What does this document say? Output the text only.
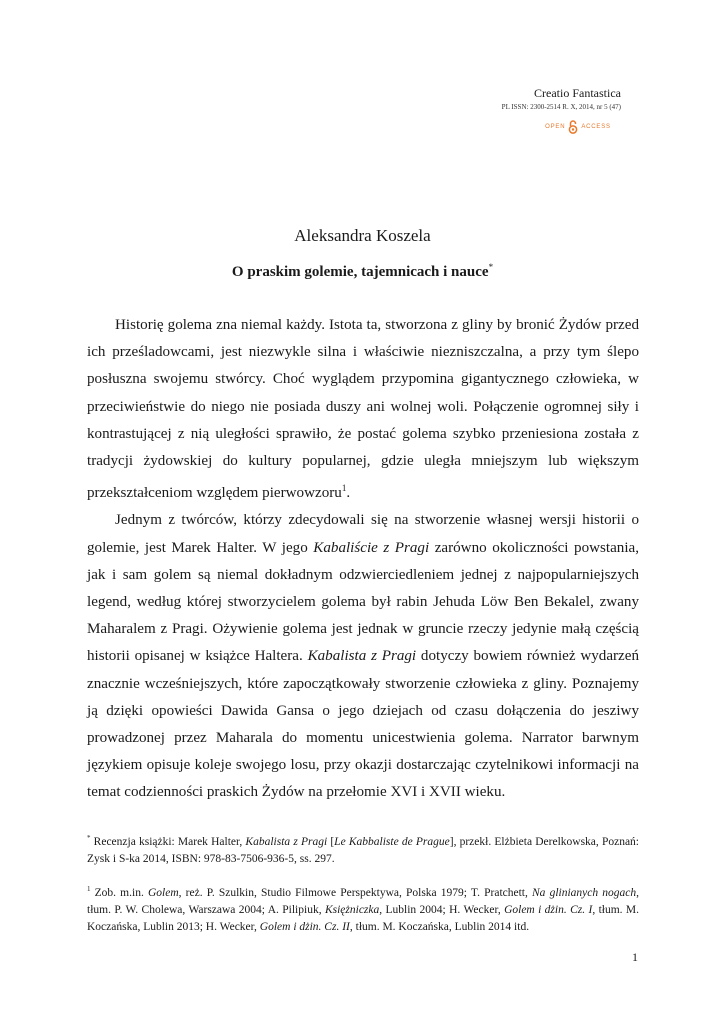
Creatio Fantastica
PL ISSN: 2300-2514 R. X, 2014, nr 5 (47)
OPEN	ACCESS
Aleksandra Koszela
O praskim golemie, tajemnicach i nauce*

Historię golema zna niemal każdy. Istota ta, stworzona z gliny by bronić Żydów przed ich prześladowcami, jest niezwykle silna i właściwie niezniszczalna, a przy tym ślepo posłuszna swojemu stwórcy. Choć wyglądem przypomina gigantycznego człowieka, w przeciwieństwie do niego nie posiada duszy ani wolnej woli. Połączenie ogromnej siły i kontrastującej z nią uległości sprawiło, że postać golema szybko przeniesiona została z tradycji żydowskiej do kultury popularnej, gdzie uległa mniejszym lub większym przekształceniom względem pierwowzoru$^1$.

Jednym z twórców, którzy zdecydowali się na stworzenie własnej wersji historii o golemie, jest Marek Halter. W jego Kabaliście z Pragi zarówno okoliczności powstania, jak i sam golem są niemal dokładnym odzwierciedleniem jednej z najpopularniejszych legend, według której stworzycielem golema był rabin Jehuda Löw Ben Bekalel, zwany Maharalem z Pragi. Ożywienie golema jest jednak w gruncie rzeczy jedynie małą częścią historii opisanej w książce Haltera. Kabalista z Pragi dotyczy bowiem również wydarzeń znacznie wcześniejszych, które zapoczątkowały stworzenie człowieka z gliny. Poznajemy ją dzięki opowieści Dawida Gansa o jego dziejach od czasu dołączenia do jesziwy prowadzonej przez Maharala do momentu unicestwienia golema. Narrator barwnym językiem opisuje koleje swojego losu, przy okazji dostarczając czytelnikowi informacji na temat codzienności praskich Żydów na przełomie XVI i XVII wieku.

* Recenzja książki: Marek Halter, Kabalista z Pragi [Le Kabbaliste de Prague], przekł. Elżbieta Derelkowska, Poznań: Zysk i S-ka 2014, ISBN: 978-83-7506-936-5, ss. 297.
$^1$ Zob. m.in. Golem, reż. P. Szulkin, Studio Filmowe Perspektywa, Polska 1979; T. Pratchett, Na glinianych nogach, tłum. P. W. Cholewa, Warszawa 2004; A. Pilipiuk, Księżniczka, Lublin 2004; H. Wecker, Golem i dżin. Cz. I, tłum. M. Koczańska, Lublin 2013; H. Wecker, Golem i dżin. Cz. II, tłum. M. Koczańska, Lublin 2014 itd.
1
